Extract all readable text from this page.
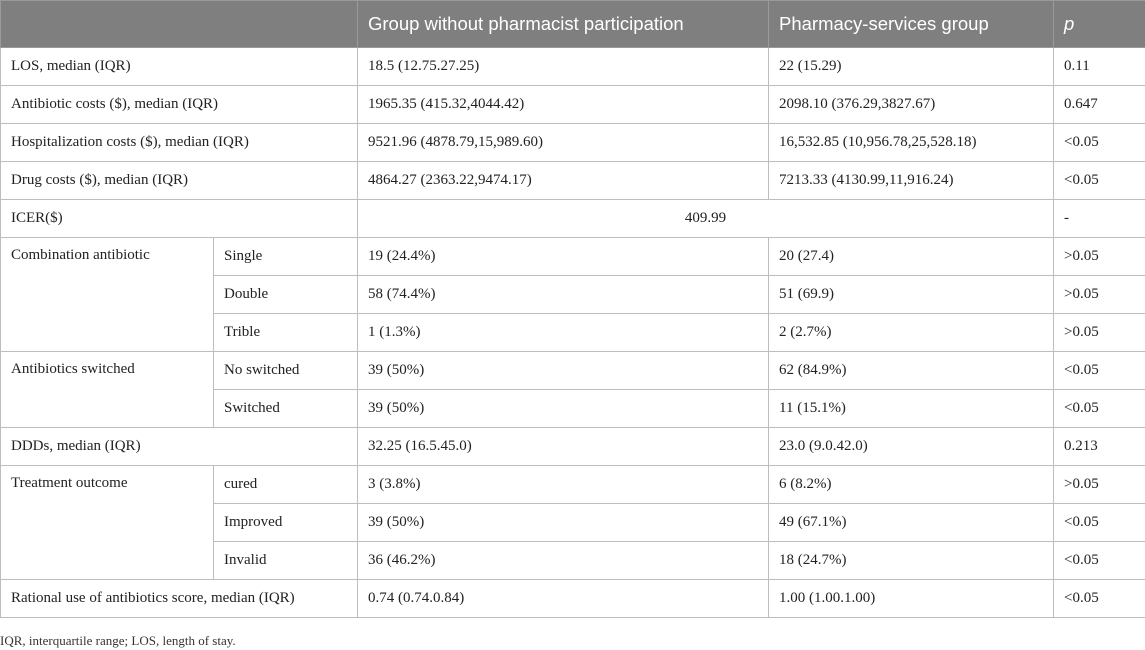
		Group without pharmacist participation	Pharmacy-services group	p
LOS, median (IQR)		18.5 (12.75.27.25)	22 (15.29)	0.11
Antibiotic costs ($), median (IQR)		1965.35 (415.32,4044.42)	2098.10 (376.29,3827.67)	0.647
Hospitalization costs ($), median (IQR)		9521.96 (4878.79,15,989.60)	16,532.85 (10,956.78,25,528.18)	<0.05
Drug costs ($), median (IQR)		4864.27 (2363.22,9474.17)	7213.33 (4130.99,11,916.24)	<0.05
ICER($)		409.99		-
Combination antibiotic	Single	19 (24.4%)	20 (27.4)	>0.05
	Double	58 (74.4%)	51 (69.9)	>0.05
	Trible	1 (1.3%)	2 (2.7%)	>0.05
Antibiotics switched	No switched	39 (50%)	62 (84.9%)	<0.05
	Switched	39 (50%)	11 (15.1%)	<0.05
DDDs, median (IQR)		32.25 (16.5.45.0)	23.0 (9.0.42.0)	0.213
Treatment outcome	cured	3 (3.8%)	6 (8.2%)	>0.05
	Improved	39 (50%)	49 (67.1%)	<0.05
	Invalid	36 (46.2%)	18 (24.7%)	<0.05
Rational use of antibiotics score, median (IQR)		0.74 (0.74.0.84)	1.00 (1.00.1.00)	<0.05
IQR, interquartile range; LOS, length of stay.
